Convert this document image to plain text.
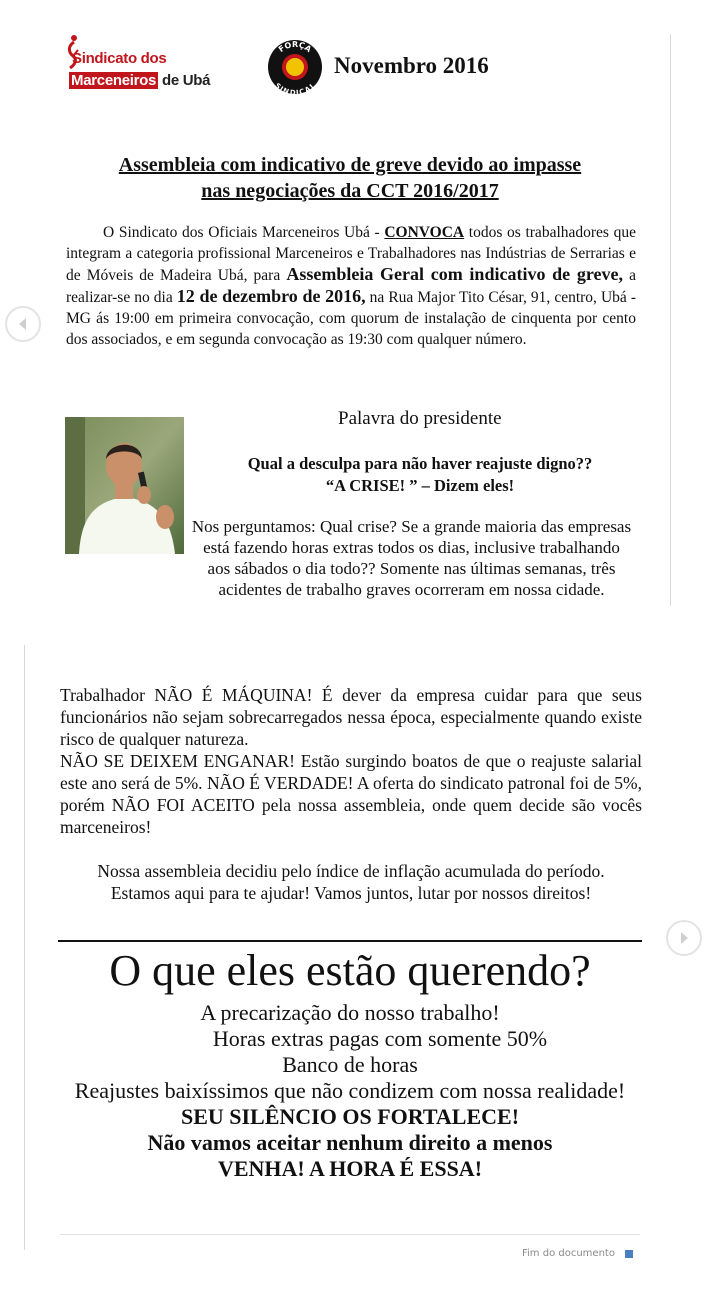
Sindicato dos
Marceneiros de Ubá
FORÇA
SINDICAL
Novembro 2016
Assembleia com indicativo de greve devido ao impasse
nas negociações da CCT 2016/2017
O Sindicato dos Oficiais Marceneiros Ubá - CONVOCA todos os trabalhadores que integram a categoria profissional Marceneiros e Trabalhadores nas Indústrias de Serrarias e de Móveis de Madeira Ubá, para Assembleia Geral com indicativo de greve, a realizar-se no dia 12 de dezembro de 2016, na Rua Major Tito César, 91, centro, Ubá - MG ás 19:00 em primeira convocação, com quorum de instalação de cinquenta por cento dos associados, e em segunda convocação as 19:30 com qualquer número.
Palavra do presidente
Qual a desculpa para não haver reajuste digno??
“A CRISE! ” – Dizem eles!
Nos perguntamos: Qual crise? Se a grande maioria das empresas está fazendo horas extras todos os dias, inclusive trabalhando aos sábados o dia todo?? Somente nas últimas semanas, três acidentes de trabalho graves ocorreram em nossa cidade.

Trabalhador NÃO É MÁQUINA! É dever da empresa cuidar para que seus funcionários não sejam sobrecarregados nessa época, especialmente quando existe risco de qualquer natureza.

NÃO SE DEIXEM ENGANAR! Estão surgindo boatos de que o reajuste salarial este ano será de 5%. NÃO É VERDADE! A oferta do sindicato patronal foi de 5%, porém NÃO FOI ACEITO pela nossa assembleia, onde quem decide são vocês marceneiros!

Nossa assembleia decidiu pelo índice de inflação acumulada do período.

Estamos aqui para te ajudar! Vamos juntos, lutar por nossos direitos!

O que eles estão querendo?
A precarização do nosso trabalho!
Horas extras pagas com somente 50%
Banco de horas
Reajustes baixíssimos que não condizem com nossa realidade!
SEU SILÊNCIO OS FORTALECE!
Não vamos aceitar nenhum direito a menos
VENHA! A HORA É ESSA!
Fim do documento
